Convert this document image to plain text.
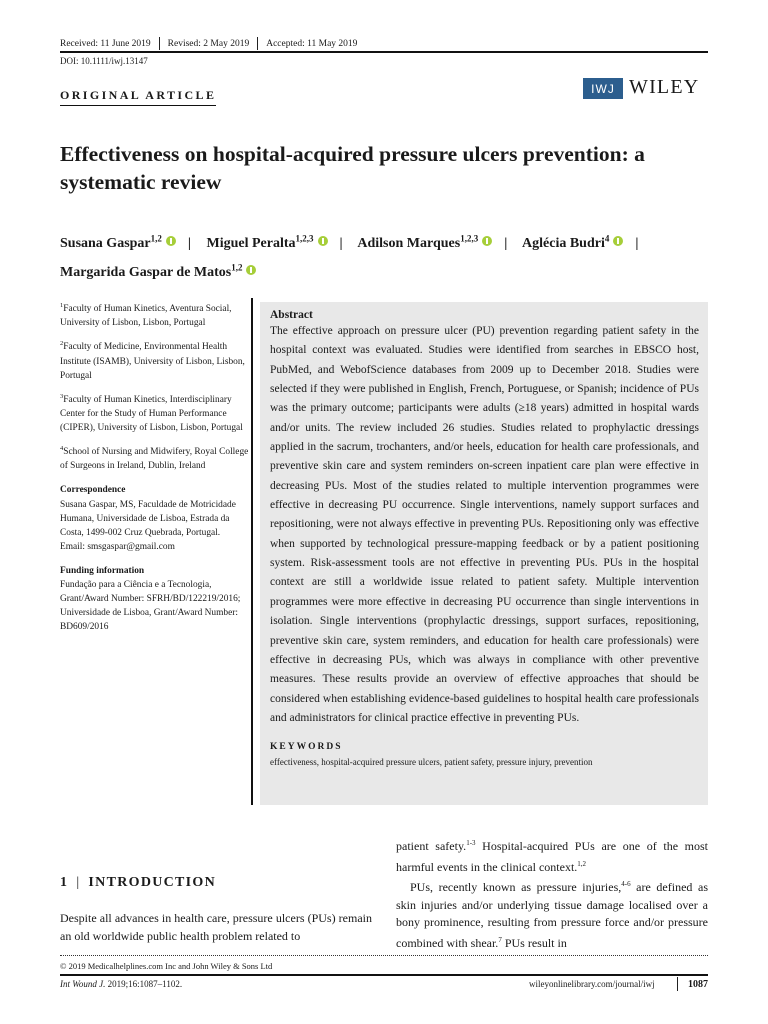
Received: 11 June 2019 Revised: 2 May 2019 Accepted: 11 May 2019
DOI: 10.1111/iwj.13147
ORIGINAL ARTICLE	IWJ WILEY
Effectiveness on hospital-acquired pressure ulcers prevention: a systematic review
Susana Gaspar$^{1,2}$ | Miguel Peralta$^{1,2,3}$ | Adilson Marques$^{1,2,3}$ | Aglécia Budri$^4$ |
Margarida Gaspar de Matos$^{1,2}$

$^1$Faculty of Human Kinetics, Aventura Social, University of Lisbon, Lisbon, Portugal

$^2$Faculty of Medicine, Environmental Health Institute (ISAMB), University of Lisbon, Lisbon, Portugal

$^3$Faculty of Human Kinetics, Interdisciplinary Center for the Study of Human Performance (CIPER), University of Lisbon, Lisbon, Portugal

$^4$School of Nursing and Midwifery, Royal College of Surgeons in Ireland, Dublin, Ireland

Correspondence

Susana Gaspar, MS, Faculdade de Motricidade Humana, Universidade de Lisboa, Estrada da Costa, 1499-002 Cruz Quebrada, Portugal.

Email: smsgaspar@gmail.com

Funding information

Fundação para a Ciência e a Tecnologia, Grant/Award Number: SFRH/BD/122219/2016; Universidade de Lisboa, Grant/Award Number: BD609/2016

Abstract
The effective approach on pressure ulcer (PU) prevention regarding patient safety in the hospital context was evaluated. Studies were identified from searches in EBSCO host, PubMed, and WebofScience databases from 2009 up to December 2018. Studies were selected if they were published in English, French, Portuguese, or Spanish; incidence of PUs was the primary outcome; participants were adults (≥18 years) admitted in hospital wards and/or units. The review included 26 studies. Studies related to prophylactic dressings applied in the sacrum, trochanters, and/or heels, education for health care professionals, and preventive skin care and system reminders on-screen inpatient care plan were effective in decreasing PUs. Most of the studies related to multiple intervention programmes were effective in decreasing PU occurrence. Single interventions, namely support surfaces and repositioning, were not always effective in preventing PUs. Repositioning only was effective when supported by technological pressure-mapping feedback or by a patient positioning system. Risk-assessment tools are not effective in preventing PUs. PUs in the hospital context are still a worldwide issue related to patient safety. Multiple intervention programmes were more effective in decreasing PU occurrence than single interventions in isolation. Single interventions (prophylactic dressings, support surfaces, repositioning, preventive skin care, system reminders, and education for health care professionals) were effective in decreasing PUs, which was always in compliance with other preventive measures. These results provide an overview of effective approaches that should be considered when establishing evidence-based guidelines to hospital health care professionals and administrators for clinical practice effective in preventing PUs.
KEYWORDS
effectiveness, hospital-acquired pressure ulcers, patient safety, pressure injury, prevention
1 | INTRODUCTION
Despite all advances in health care, pressure ulcers (PUs) remain an old worldwide public health problem related to

patient safety.$^{1-3}$ Hospital-acquired PUs are one of the most harmful events in the clinical context.$^{1,2}$

PUs, recently known as pressure injuries,$^{4-6}$ are defined as skin injuries and/or underlying tissue damage localised over a bony prominence, resulting from pressure force and/or pressure combined with shear.$^7$ PUs result in

© 2019 Medicalhelplines.com Inc and John Wiley & Sons Ltd
Int Wound J. 2019;16:1087–1102.	wileyonlinelibrary.com/journal/iwj	1087
